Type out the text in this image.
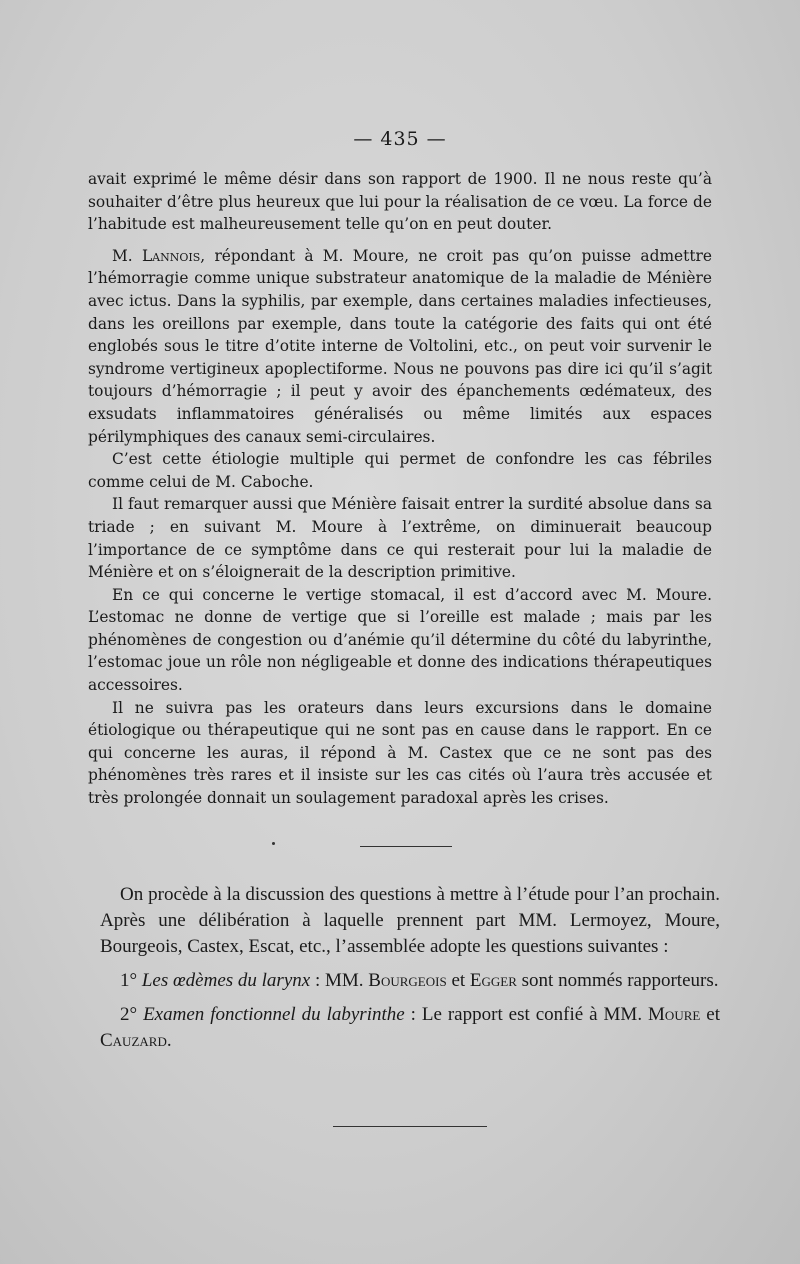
— 435 —

avait exprimé le même désir dans son rapport de 1900. Il ne nous reste qu’à souhaiter d’être plus heureux que lui pour la réalisation de ce vœu. La force de l’habitude est malheureusement telle qu’on en peut douter.

M. Lannois, répondant à M. Moure, ne croit pas qu’on puisse admettre l’hémorragie comme unique substrateur anatomique de la maladie de Ménière avec ictus. Dans la syphilis, par exemple, dans certaines maladies infectieuses, dans les oreillons par exemple, dans toute la catégorie des faits qui ont été englobés sous le titre d’otite interne de Voltolini, etc., on peut voir survenir le syndrome vertigineux apoplectiforme. Nous ne pouvons pas dire ici qu’il s’agit toujours d’hémorragie ; il peut y avoir des épanchements œdémateux, des exsudats inflammatoires généralisés ou même limités aux espaces périlymphiques des canaux semi-circulaires.

C’est cette étiologie multiple qui permet de confondre les cas fébriles comme celui de M. Caboche.

Il faut remarquer aussi que Ménière faisait entrer la surdité absolue dans sa triade ; en suivant M. Moure à l’extrême, on diminuerait beaucoup l’importance de ce symptôme dans ce qui resterait pour lui la maladie de Ménière et on s’éloignerait de la description primitive.

En ce qui concerne le vertige stomacal, il est d’accord avec M. Moure. L’estomac ne donne de vertige que si l’oreille est malade ; mais par les phénomènes de congestion ou d’anémie qu’il détermine du côté du labyrinthe, l’estomac joue un rôle non négligeable et donne des indications thérapeutiques accessoires.

Il ne suivra pas les orateurs dans leurs excursions dans le domaine étiologique ou thérapeutique qui ne sont pas en cause dans le rapport. En ce qui concerne les auras, il répond à M. Castex que ce ne sont pas des phénomènes très rares et il insiste sur les cas cités où l’aura très accusée et très prolongée donnait un soulagement paradoxal après les crises.

On procède à la discussion des questions à mettre à l’étude pour l’an prochain. Après une délibération à laquelle prennent part MM. Lermoyez, Moure, Bourgeois, Castex, Escat, etc., l’assemblée adopte les questions suivantes :

1° Les œdèmes du larynx : MM. Bourgeois et Egger sont nommés rapporteurs.

2° Examen fonctionnel du labyrinthe : Le rapport est confié à MM. Moure et Cauzard.
